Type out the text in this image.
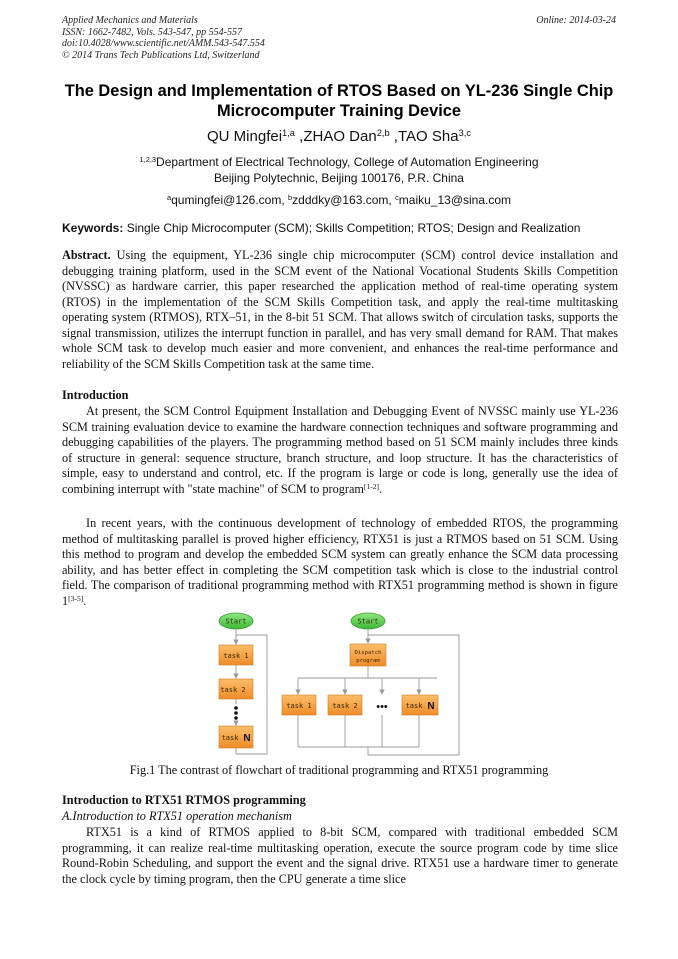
Applied Mechanics and Materials
ISSN: 1662-7482, Vols. 543-547, pp 554-557
doi:10.4028/www.scientific.net/AMM.543-547.554
© 2014 Trans Tech Publications Ltd, Switzerland
Online: 2014-03-24
The Design and Implementation of RTOS Based on YL-236 Single Chip
Microcomputer Training Device
QU Mingfei$^{1,a}$ ,ZHAO Dan$^{2,b}$ ,TAO Sha$^{3,c}$
$^{1,2,3}$Department of Electrical Technology, College of Automation Engineering
Beijing Polytechnic, Beijing 100176, P.R. China
$^a$qumingfei@126.com, $^b$zdddky@163.com, $^c$maiku_13@sina.com
Keywords: Single Chip Microcomputer (SCM); Skills Competition; RTOS; Design and Realization
Abstract. Using the equipment, YL-236 single chip microcomputer (SCM) control device installation and debugging training platform, used in the SCM event of the National Vocational Students Skills Competition (NVSSC) as hardware carrier, this paper researched the application method of real-time operating system (RTOS) in the implementation of the SCM Skills Competition task, and apply the real-time multitasking operating system (RTMOS), RTX–51, in the 8-bit 51 SCM. That allows switch of circulation tasks, supports the signal transmission, utilizes the interrupt function in parallel, and has very small demand for RAM. That makes whole SCM task to develop much easier and more convenient, and enhances the real-time performance and reliability of the SCM Skills Competition task at the same time.
Introduction
At present, the SCM Control Equipment Installation and Debugging Event of NVSSC mainly use YL-236 SCM training evaluation device to examine the hardware connection techniques and software programming and debugging capabilities of the players. The programming method based on 51 SCM mainly includes three kinds of structure in general: sequence structure, branch structure, and loop structure. It has the characteristics of simple, easy to understand and control, etc. If the program is large or code is long, generally use the idea of combining interrupt with "state machine" of SCM to program[1-2].
In recent years, with the continuous development of technology of embedded RTOS, the programming method of multitasking parallel is proved higher efficiency, RTX51 is just a RTMOS based on 51 SCM. Using this method to program and develop the embedded SCM system can greatly enhance the SCM data processing ability, and has better effect in completing the SCM competition task which is close to the industrial control field. The comparison of traditional programming method with RTX51 programming method is shown in figure 1[3-5].
Start
task 1
task 2
task N
Start
Dispatch
program
task 1	task 2 •••	task N
Fig.1 The contrast of flowchart of traditional programming and RTX51 programming
Introduction to RTX51 RTMOS programming
A.Introduction to RTX51 operation mechanism
RTX51 is a kind of RTMOS applied to 8-bit SCM, compared with traditional embedded SCM programming, it can realize real-time multitasking operation, execute the source program code by time slice Round-Robin Scheduling, and support the event and the signal drive. RTX51 use a hardware timer to generate the clock cycle by timing program, then the CPU generate a time slice
